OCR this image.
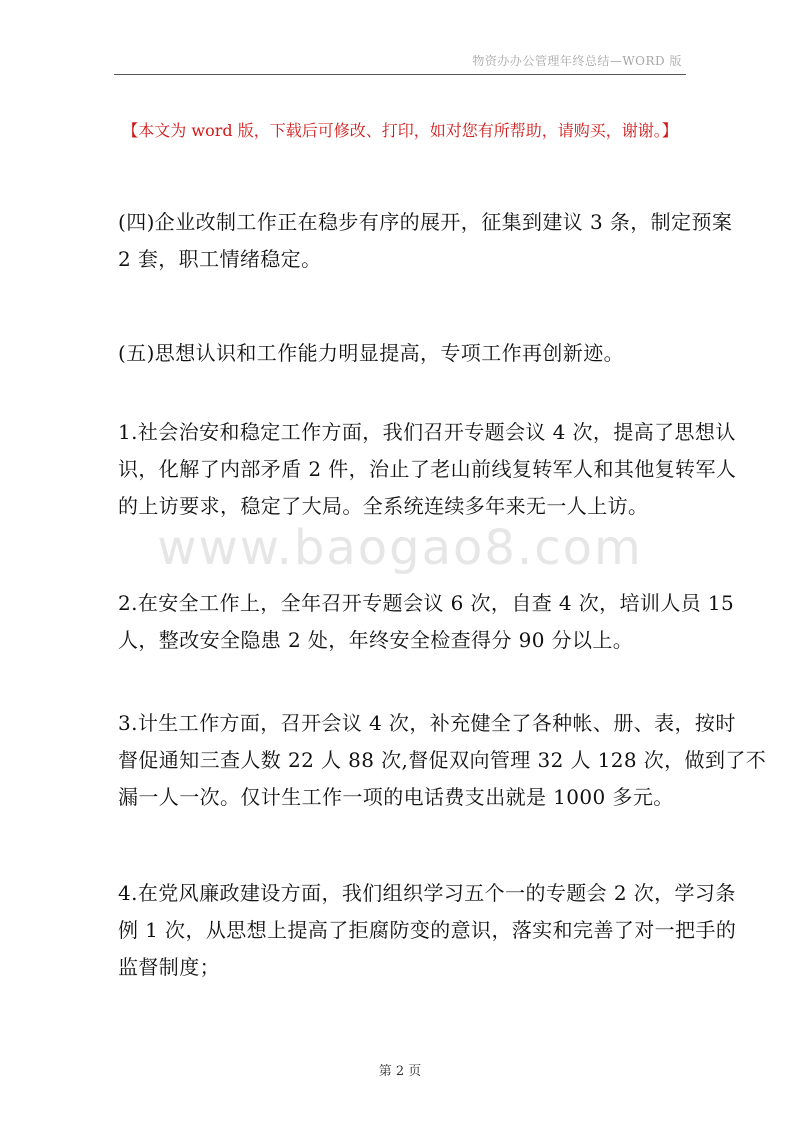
物资办办公管理年终总结—WORD 版
【本文为 word 版，下载后可修改、打印，如对您有所帮助，请购买，谢谢。】
www.baogao8.com
(四)企业改制工作正在稳步有序的展开，征集到建议 3 条，制定预案
2 套，职工情绪稳定。
(五)思想认识和工作能力明显提高，专项工作再创新迹。
1.社会治安和稳定工作方面，我们召开专题会议 4 次，提高了思想认
识，化解了内部矛盾 2 件，治止了老山前线复转军人和其他复转军人
的上访要求，稳定了大局。全系统连续多年来无一人上访。
2.在安全工作上，全年召开专题会议 6 次，自查 4 次，培训人员 15
人，整改安全隐患 2 处，年终安全检查得分 90 分以上。
3.计生工作方面，召开会议 4 次，补充健全了各种帐、册、表，按时
督促通知三查人数 22 人 88 次,督促双向管理 32 人 128 次，做到了不
漏一人一次。仅计生工作一项的电话费支出就是 1000 多元。
4.在党风廉政建设方面，我们组织学习五个一的专题会 2 次，学习条
例 1 次，从思想上提高了拒腐防变的意识，落实和完善了对一把手的
监督制度；
第 2 页
